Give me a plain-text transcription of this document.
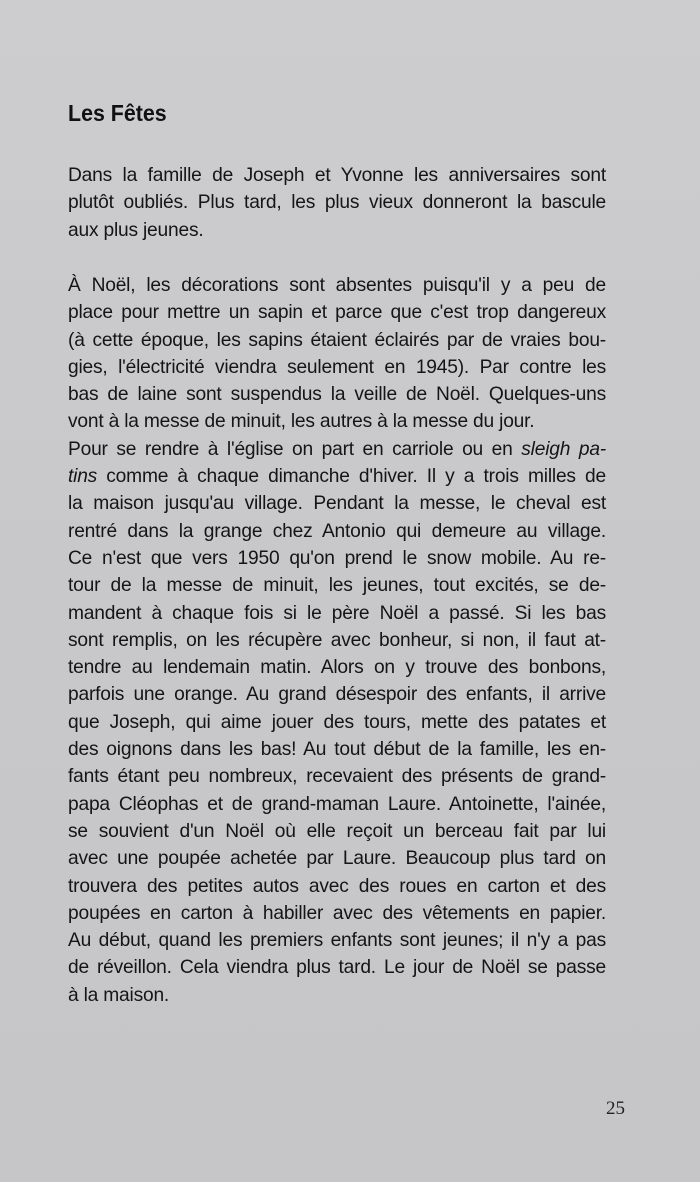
Les Fêtes

Dans la famille de Joseph et Yvonne les anniversaires sont
plutôt oubliés. Plus tard, les plus vieux donneront la bascule
aux plus jeunes.

À Noël, les décorations sont absentes puisqu'il y a peu de
place pour mettre un sapin et parce que c'est trop dangereux
(à cette époque, les sapins étaient éclairés par de vraies bou-
gies, l'électricité viendra seulement en 1945). Par contre les
bas de laine sont suspendus la veille de Noël. Quelques-uns
vont à la messe de minuit, les autres à la messe du jour.
Pour se rendre à l'église on part en carriole ou en sleigh pa-
tins comme à chaque dimanche d'hiver. Il y a trois milles de
la maison jusqu'au village. Pendant la messe, le cheval est
rentré dans la grange chez Antonio qui demeure au village.
Ce n'est que vers 1950 qu'on prend le snow mobile. Au re-
tour de la messe de minuit, les jeunes, tout excités, se de-
mandent à chaque fois si le père Noël a passé. Si les bas
sont remplis, on les récupère avec bonheur, si non, il faut at-
tendre au lendemain matin. Alors on y trouve des bonbons,
parfois une orange. Au grand désespoir des enfants, il arrive
que Joseph, qui aime jouer des tours, mette des patates et
des oignons dans les bas! Au tout début de la famille, les en-
fants étant peu nombreux, recevaient des présents de grand-
papa Cléophas et de grand-maman Laure. Antoinette, l'ainée,
se souvient d'un Noël où elle reçoit un berceau fait par lui
avec une poupée achetée par Laure. Beaucoup plus tard on
trouvera des petites autos avec des roues en carton et des
poupées en carton à habiller avec des vêtements en papier.
Au début, quand les premiers enfants sont jeunes; il n'y a pas
de réveillon. Cela viendra plus tard. Le jour de Noël se passe
à la maison.

25
